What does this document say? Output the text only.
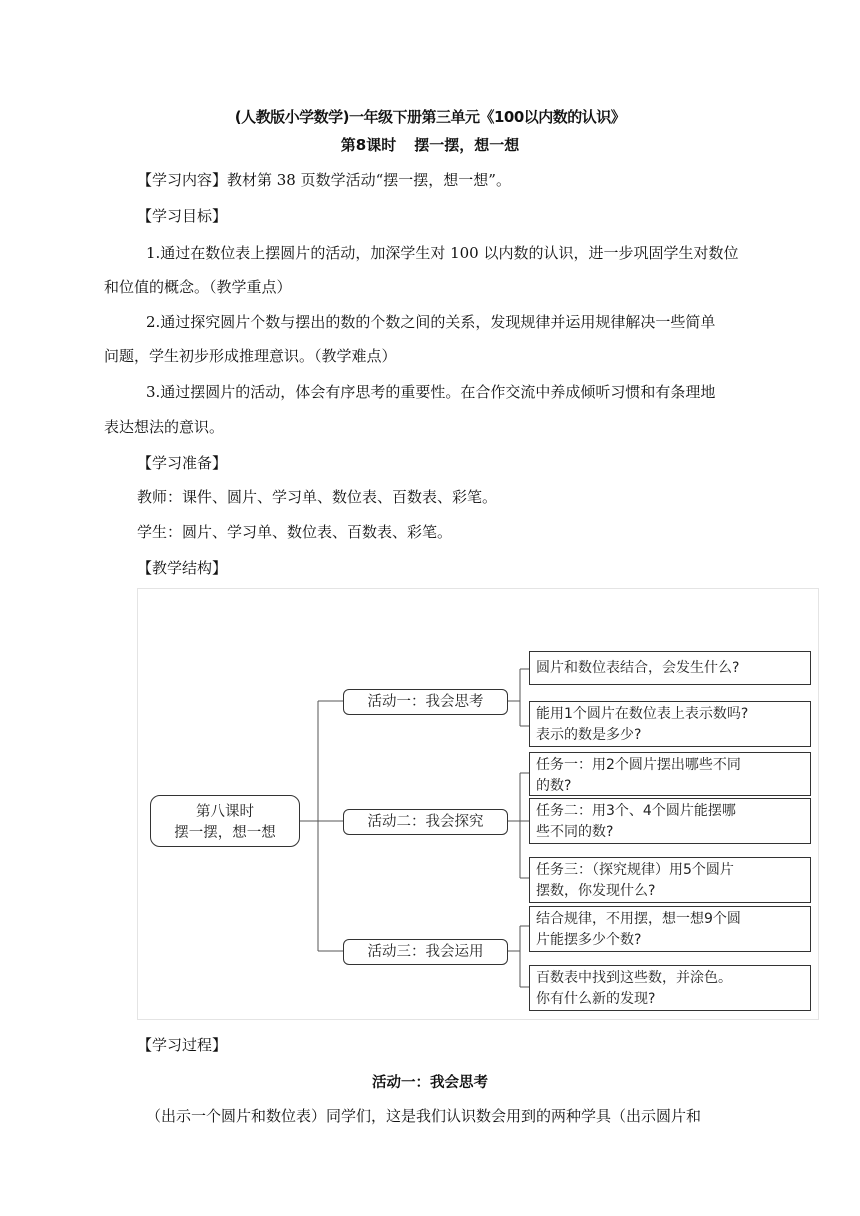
(人教版小学数学)一年级下册第三单元《100以内数的认识》
第8课时 摆一摆，想一想
【学习内容】教材第 38 页数学活动“摆一摆，想一想”。
【学习目标】
1.通过在数位表上摆圆片的活动，加深学生对 100 以内数的认识，进一步巩固学生对数位
和位值的概念。（教学重点）
2.通过探究圆片个数与摆出的数的个数之间的关系，发现规律并运用规律解决一些简单
问题，学生初步形成推理意识。（教学难点）
3.通过摆圆片的活动，体会有序思考的重要性。在合作交流中养成倾听习惯和有条理地
表达想法的意识。
【学习准备】
教师：课件、圆片、学习单、数位表、百数表、彩笔。
学生：圆片、学习单、数位表、百数表、彩笔。
【教学结构】
第八课时
摆一摆，想一想
活动一：我会思考
活动二：我会探究
活动三：我会运用
圆片和数位表结合，会发生什么?
能用1个圆片在数位表上表示数吗?
表示的数是多少?
任务一：用2个圆片摆出哪些不同
的数?
任务二：用3个、4个圆片能摆哪
些不同的数?
任务三：（探究规律）用5个圆片
摆数，你发现什么?
结合规律，不用摆，想一想9个圆
片能摆多少个数?
百数表中找到这些数，并涂色。
你有什么新的发现?
【学习过程】
活动一：我会思考
（出示一个圆片和数位表）同学们，这是我们认识数会用到的两种学具（出示圆片和
